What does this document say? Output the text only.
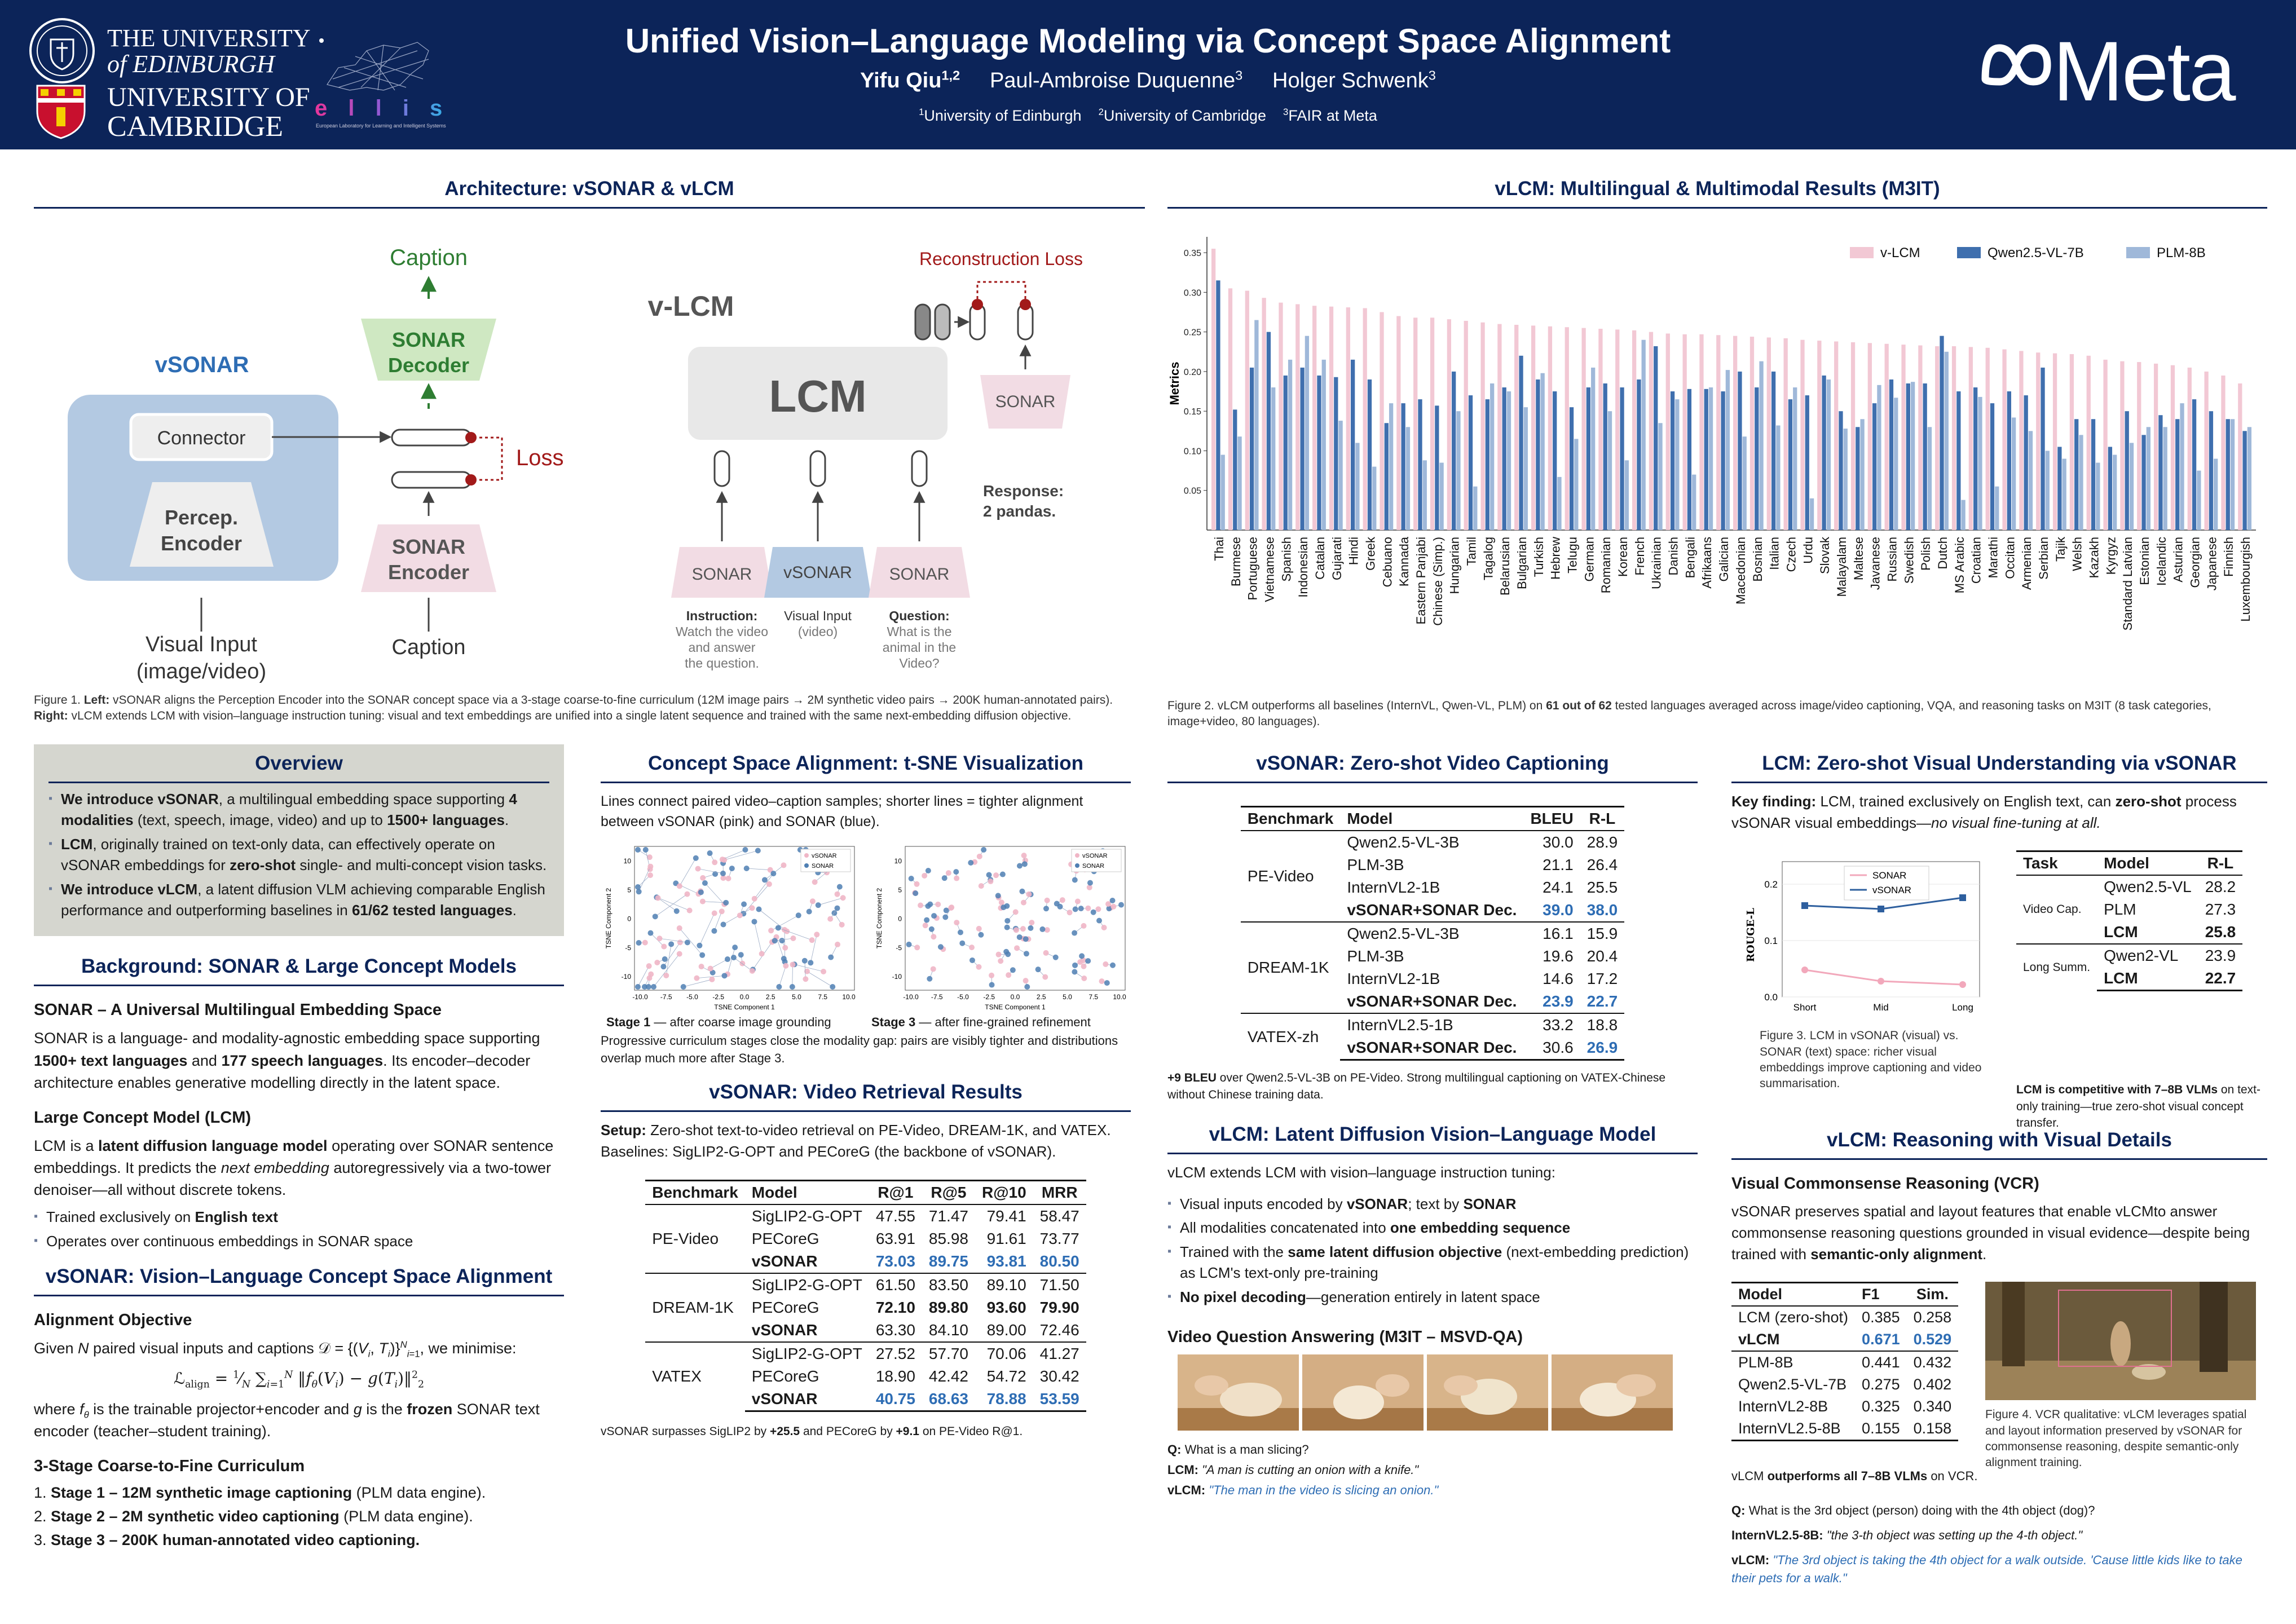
THE UNIVERSITY
of EDINBURGH
UNIVERSITY OF
CAMBRIDGE
e l l i s
European Laboratory for Learning and Intelligent Systems
Unified Vision–Language Modeling via Concept Space Alignment
Yifu Qiu$^{1,2}$ Paul-Ambroise Duquenne$^3$ Holger Schwenk$^3$
$^1$University of Edinburgh $^2$University of Cambridge $^3$FAIR at Meta	Meta
Architecture: vSONAR & vLCM
vSONAR
Connector
Percep. Encoder
Visual Input (image/video)
Caption
SONAR Decoder
Loss
SONAR Encoder
Caption
v-LCM
LCM
SONAR vSONAR SONAR
Instruction: Watch the video and answer the question.
Visual Input (video)
Question: What is the animal in the Video?
Reconstruction Loss
SONAR
Response: 2 pandas.
Figure 1. Left: vSONAR aligns the Perception Encoder into the SONAR concept space via a 3-stage coarse-to-fine curriculum (12M image pairs → 2M synthetic video pairs → 200K human-annotated pairs). Right: vLCM extends LCM with vision–language instruction tuning: visual and text embeddings are unified into a single latent sequence and trained with the same next-embedding diffusion objective.
vLCM: Multilingual & Multimodal Results (M3IT)
0.05
0.10
0.15
0.20
0.25
0.30
0.35
Metrics
Thai Burmese Portuguese Vietnamese Spanish Indonesian Catalan Gujarati Hindi Greek Cebuano Kannada Eastern Panjabi Chinese (Simp.) Hungarian Tamil Tagalog Belarusian Bulgarian Turkish Hebrew Telugu German Romanian Korean French Ukrainian Danish Bengali Afrikaans Galician Macedonian Bosnian Italian Czech Urdu Slovak Malayalam Maltese Javanese Russian Swedish Polish Dutch MS Arabic Croatian Marathi Occitan Armenian Serbian Tajik Welsh Kazakh Kyrgyz Standard Latvian Estonian Icelandic Asturian Georgian Japanese Finnish Luxembourgish
v-LCM	Qwen2.5-VL-7B	PLM-8B
Figure 2. vLCM outperforms all baselines (InternVL, Qwen-VL, PLM) on 61 out of 62 tested languages averaged across image/video captioning, VQA, and reasoning tasks on M3IT (8 task categories, image+video, 80 languages).
Overview
▪ We introduce vSONAR, a multilingual embedding space supporting 4 modalities (text, speech, image, video) and up to 1500+ languages.
▪ LCM, originally trained on text-only data, can effectively operate on vSONAR embeddings for zero-shot single- and multi-concept vision tasks.
▪ We introduce vLCM, a latent diffusion VLM achieving comparable English performance and outperforming baselines in 61/62 tested languages.
Background: SONAR & Large Concept Models
SONAR – A Universal Multilingual Embedding Space
SONAR is a language- and modality-agnostic embedding space supporting 1500+ text languages and 177 speech languages. Its encoder–decoder architecture enables generative modelling directly in the latent space.
Large Concept Model (LCM)
LCM is a latent diffusion language model operating over SONAR sentence embeddings. It predicts the next embedding autoregressively via a two-tower denoiser—all without discrete tokens.
▪ Trained exclusively on English text
▪ Operates over continuous embeddings in SONAR space
vSONAR: Vision–Language Concept Space Alignment
Alignment Objective
Given N paired visual inputs and captions 𝒟 = {($V_i$, $T_i)\}^N_{i=1}$, we minimise:
ℒ$_{align}$ = $^1⁄_N$ $\sum_{i=1}^N$ $‖f_\theta(V_i)$ − $g(T_i)‖^2_2$
where $f_\theta$ is the trainable projector+encoder and g is the frozen SONAR text encoder (teacher–student training).
3-Stage Coarse-to-Fine Curriculum
1. Stage 1 – 12M synthetic image captioning (PLM data engine).
2. Stage 2 – 2M synthetic video captioning (PLM data engine).
3. Stage 3 – 200K human-annotated video captioning.
Concept Space Alignment: t-SNE Visualization
Lines connect paired video–caption samples; shorter lines = tighter alignment between vSONAR (pink) and SONAR (blue).
vSONAR
SONAR
-10.0 -7.5 -5.0 -2.5 0.0 2.5 5.0 7.5 10.0
10
5
0
-5
-10
TSNE Component 1
TSNE Component 2
vSONAR
SONAR
-10.0 -7.5 -5.0 -2.5 0.0 2.5 5.0 7.5 10.0
10
5
0
-5
-10
TSNE Component 1
TSNE Component 2
Stage 1 — after coarse image grounding	Stage 3 — after fine-grained refinement
Progressive curriculum stages close the modality gap: pairs are visibly tighter and distributions overlap much more after Stage 3.
vSONAR: Video Retrieval Results
Setup: Zero-shot text-to-video retrieval on PE-Video, DREAM-1K, and VATEX. Baselines: SigLIP2-G-OPT and PECoreG (the backbone of vSONAR).
Benchmark	Model	R@1	R@5	R@10	MRR
PE-Video	SigLIP2-G-OPT	47.55	71.47	79.41	58.47
	PECoreG	63.91	85.98	91.61	73.77
	vSONAR	73.03	89.75	93.81	80.50
DREAM-1K	SigLIP2-G-OPT	61.50	83.50	89.10	71.50
	PECoreG	72.10	89.80	93.60	79.90
	vSONAR	63.30	84.10	89.00	72.46
VATEX	SigLIP2-G-OPT	27.52	57.70	70.06	41.27
	PECoreG	18.90	42.42	54.72	30.42
	vSONAR	40.75	68.63	78.88	53.59
vSONAR surpasses SigLIP2 by +25.5 and PECoreG by +9.1 on PE-Video R@1.
vSONAR: Zero-shot Video Captioning
Benchmark	Model	BLEU	R-L
PE-Video	Qwen2.5-VL-3B	30.0	28.9
	PLM-3B	21.1	26.4
	InternVL2-1B	24.1	25.5
	vSONAR+SONAR Dec.	39.0	38.0
DREAM-1K	Qwen2.5-VL-3B	16.1	15.9
	PLM-3B	19.6	20.4
	InternVL2-1B	14.6	17.2
	vSONAR+SONAR Dec.	23.9	22.7
VATEX-zh	InternVL2.5-1B	33.2	18.8
	vSONAR+SONAR Dec.	30.6	26.9
+9 BLEU over Qwen2.5-VL-3B on PE-Video. Strong multilingual captioning on VATEX-Chinese without Chinese training data.
vLCM: Latent Diffusion Vision–Language Model
vLCM extends LCM with vision–language instruction tuning:
▪ Visual inputs encoded by vSONAR; text by SONAR
▪ All modalities concatenated into one embedding sequence
▪ Trained with the same latent diffusion objective (next-embedding prediction) as LCM's text-only pre-training
▪ No pixel decoding—generation entirely in latent space
Video Question Answering (M3IT – MSVD-QA)
Q: What is a man slicing?
LCM: "A man is cutting an onion with a knife."
vLCM: "The man in the video is slicing an onion."
LCM: Zero-shot Visual Understanding via vSONAR
Key finding: LCM, trained exclusively on English text, can zero-shot process vSONAR visual embeddings—no visual fine-tuning at all.
0.2
0.1
0.0
Short	Mid	Long
ROUGE-L
SONAR
vSONAR
Figure 3. LCM in vSONAR (visual) vs. SONAR (text) space: richer visual embeddings improve captioning and video summarisation.
Task	Model	R-L
Video Cap.	Qwen2.5-VL	28.2
	PLM	27.3
	LCM	25.8
Long Summ.	Qwen2-VL	23.9
	LCM	22.7
LCM is competitive with 7–8B VLMs on text-only training—true zero-shot visual concept transfer.
vLCM: Reasoning with Visual Details
Visual Commonsense Reasoning (VCR)
vSONAR preserves spatial and layout features that enable vLCMto answer commonsense reasoning questions grounded in visual evidence—despite being trained with semantic-only alignment.
Model	F1	Sim.
LCM (zero-shot)	0.385	0.258
vLCM	0.671	0.529
PLM-8B	0.441	0.432
Qwen2.5-VL-7B	0.275	0.402
InternVL2-8B	0.325	0.340
InternVL2.5-8B	0.155	0.158
vLCM outperforms all 7–8B VLMs on VCR.
Figure 4. VCR qualitative: vLCM leverages spatial and layout information preserved by vSONAR for commonsense reasoning, despite semantic-only alignment training.
Q: What is the 3rd object (person) doing with the 4th object (dog)?
InternVL2.5-8B: "the 3-th object was setting up the 4-th object."
vLCM: "The 3rd object is taking the 4th object for a walk outside. 'Cause little kids like to take their pets for a walk."
